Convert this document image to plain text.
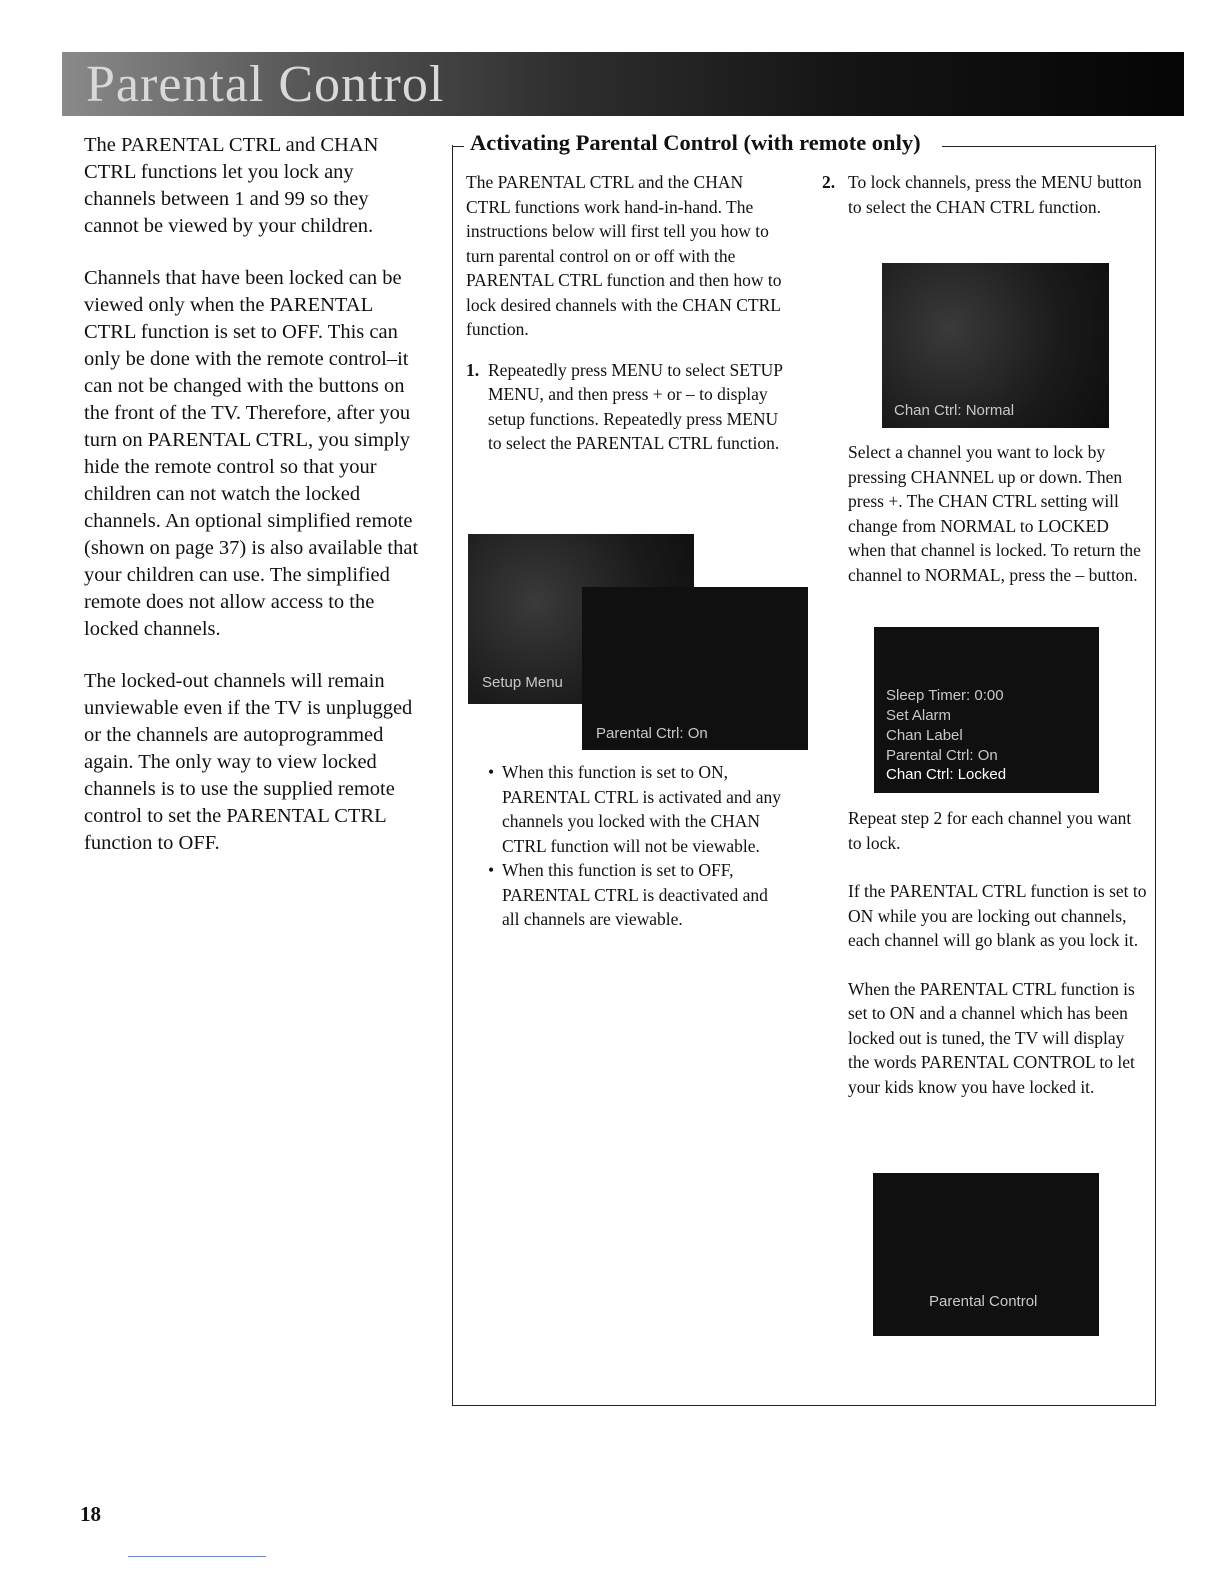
Parental Control

The PARENTAL CTRL and CHAN CTRL functions let you lock any channels between 1 and 99 so they cannot be viewed by your children.

Channels that have been locked can be viewed only when the PARENTAL CTRL function is set to OFF. This can only be done with the remote control–it can not be changed with the buttons on the front of the TV. Therefore, after you turn on PARENTAL CTRL, you simply hide the remote control so that your children can not watch the locked channels. An optional simplified remote (shown on page 37) is also available that your children can use. The simplified remote does not allow access to the locked channels.

The locked-out channels will remain unviewable even if the TV is unplugged or the channels are autoprogrammed again. The only way to view locked channels is to use the supplied remote control to set the PARENTAL CTRL function to OFF.

Activating Parental Control (with remote only)

The PARENTAL CTRL and the CHAN CTRL functions work hand-in-hand. The instructions below will first tell you how to turn parental control on or off with the PARENTAL CTRL function and then how to lock desired channels with the CHAN CTRL function.

1. Repeatedly press MENU to select SETUP MENU, and then press + or – to display setup functions. Repeatedly press MENU to select the PARENTAL CTRL function.

Setup Menu
Parental Ctrl: On
• When this function is set to ON, PARENTAL CTRL is activated and any channels you locked with the CHAN CTRL function will not be viewable.
• When this function is set to OFF, PARENTAL CTRL is deactivated and all channels are viewable.
2. To lock channels, press the MENU button to select the CHAN CTRL function.

Chan Ctrl: Normal

Select a channel you want to lock by pressing CHANNEL up or down. Then press +. The CHAN CTRL setting will change from NORMAL to LOCKED when that channel is locked. To return the channel to NORMAL, press the – button.

Sleep Timer: 0:00
Set Alarm
Chan Label
Parental Ctrl: On
Chan Ctrl: Locked

Repeat step 2 for each channel you want to lock.

If the PARENTAL CTRL function is set to ON while you are locking out channels, each channel will go blank as you lock it.

When the PARENTAL CTRL function is set to ON and a channel which has been locked out is tuned, the TV will display the words PARENTAL CONTROL to let your kids know you have locked it.

Parental Control
18
